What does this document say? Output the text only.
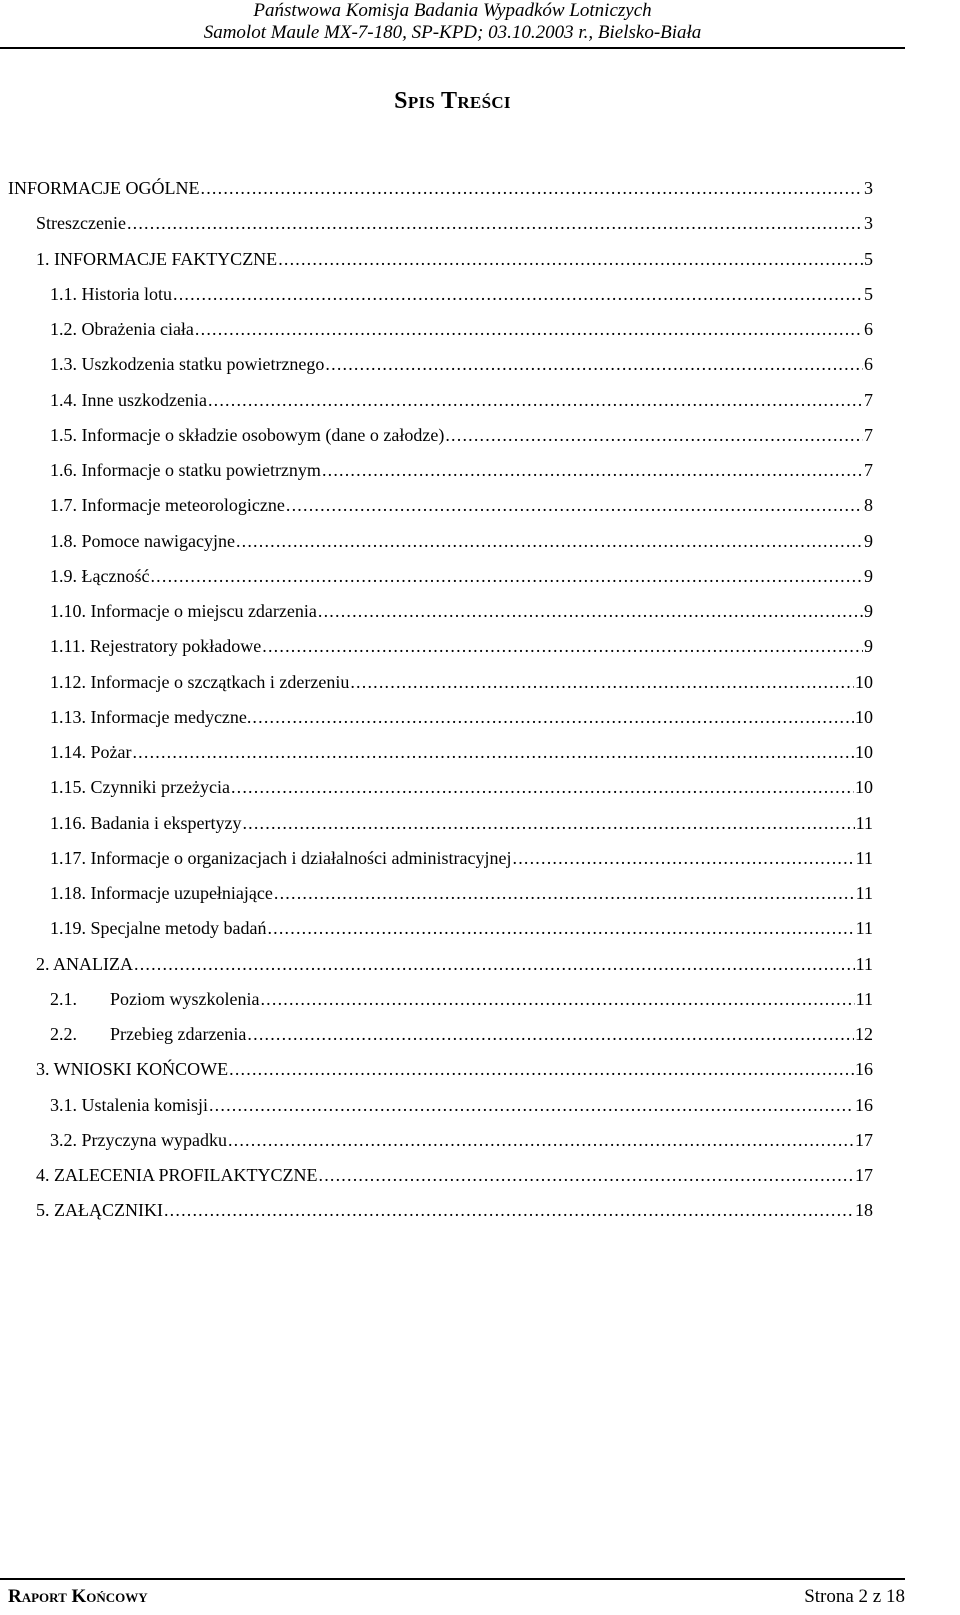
Państwowa Komisja Badania Wypadków Lotniczych
Samolot Maule MX-7-180, SP-KPD; 03.10.2003 r., Bielsko-Biała
Spis Treści
INFORMACJE OGÓLNE .....	3
Streszczenie .....	3
1. INFORMACJE FAKTYCZNE .....	5
1.1. Historia lotu .....	5
1.2. Obrażenia ciała .....	6
1.3. Uszkodzenia statku powietrznego .....	6
1.4. Inne uszkodzenia .....	7
1.5. Informacje o składzie osobowym (dane o załodze) .....	7
1.6. Informacje o statku powietrznym .....	7
1.7. Informacje meteorologiczne .....	8
1.8. Pomoce nawigacyjne .....	9
1.9. Łączność .....	9
1.10. Informacje o miejscu zdarzenia .....	9
1.11. Rejestratory pokładowe .....	9
1.12. Informacje o szczątkach i zderzeniu .....	10
1.13. Informacje medyczne. .....	10
1.14. Pożar .....	10
1.15. Czynniki przeżycia .....	10
1.16. Badania i ekspertyzy .....	11
1.17. Informacje o organizacjach i działalności administracyjnej .....	11
1.18. Informacje uzupełniające .....	11
1.19. Specjalne metody badań .....	11
2. ANALIZA .....	11
2.1. Poziom wyszkolenia .....	11
2.2. Przebieg zdarzenia .....	12
3. WNIOSKI KOŃCOWE .....	16
3.1. Ustalenia komisji .....	16
3.2. Przyczyna wypadku .....	17
4. ZALECENIA PROFILAKTYCZNE .....	17
5. ZAŁĄCZNIKI .....	18
Raport Końcowy	Strona 2 z 18
